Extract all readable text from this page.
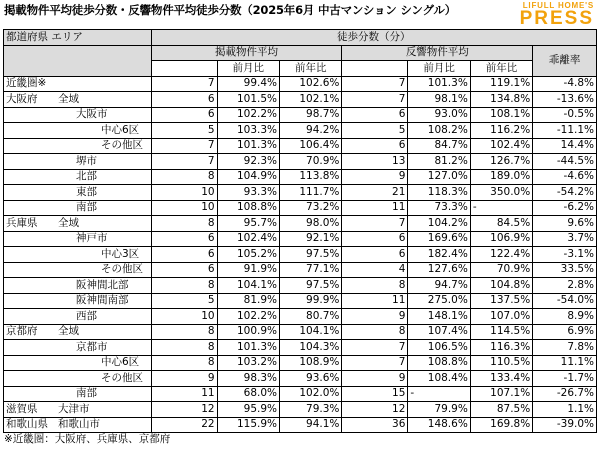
掲載物件平均徒歩分数・反響物件平均徒歩分数（2025年6月 中古マンション シングル）	LIFULL HOME'S
PRESS
都道府県 エリア	徒歩分数（分）						
	掲載物件平均			反響物件平均			乖離率
		前月比	前年比		前月比	前年比	
近畿圏※	7	99.4%	102.6%	7	101.3%	119.1%	-4.8%
大阪府 全域	6	101.5%	102.1%	7	98.1%	134.8%	-13.6%
大阪市	6	102.2%	98.7%	6	93.0%	108.1%	-0.5%
中心6区	5	103.3%	94.2%	5	108.2%	116.2%	-11.1%
その他区	7	101.3%	106.4%	6	84.7%	102.4%	14.4%
堺市	7	92.3%	70.9%	13	81.2%	126.7%	-44.5%
北部	8	104.9%	113.8%	9	127.0%	189.0%	-4.6%
東部	10	93.3%	111.7%	21	118.3%	350.0%	-54.2%
南部	10	108.8%	73.2%	11	73.3%	-	-6.2%
兵庫県 全域	8	95.7%	98.0%	7	104.2%	84.5%	9.6%
神戸市	6	102.4%	92.1%	6	169.6%	106.9%	3.7%
中心3区	6	105.2%	97.5%	6	182.4%	122.4%	-3.1%
その他区	6	91.9%	77.1%	4	127.6%	70.9%	33.5%
阪神間北部	8	104.1%	97.5%	8	94.7%	104.8%	2.8%
阪神間南部	5	81.9%	99.9%	11	275.0%	137.5%	-54.0%
西部	10	102.2%	80.7%	9	148.1%	107.0%	8.9%
京都府 全域	8	100.9%	104.1%	8	107.4%	114.5%	6.9%
京都市	8	101.3%	104.3%	7	106.5%	116.3%	7.8%
中心6区	8	103.2%	108.9%	7	108.8%	110.5%	11.1%
その他区	9	98.3%	93.6%	9	108.4%	133.4%	-1.7%
南部	11	68.0%	102.0%	15	-	107.1%	-26.7%
滋賀県 大津市	12	95.9%	79.3%	12	79.9%	87.5%	1.1%
和歌山県 和歌山市	22	115.9%	94.1%	36	148.6%	169.8%	-39.0%
※近畿圏：大阪府、兵庫県、京都府
